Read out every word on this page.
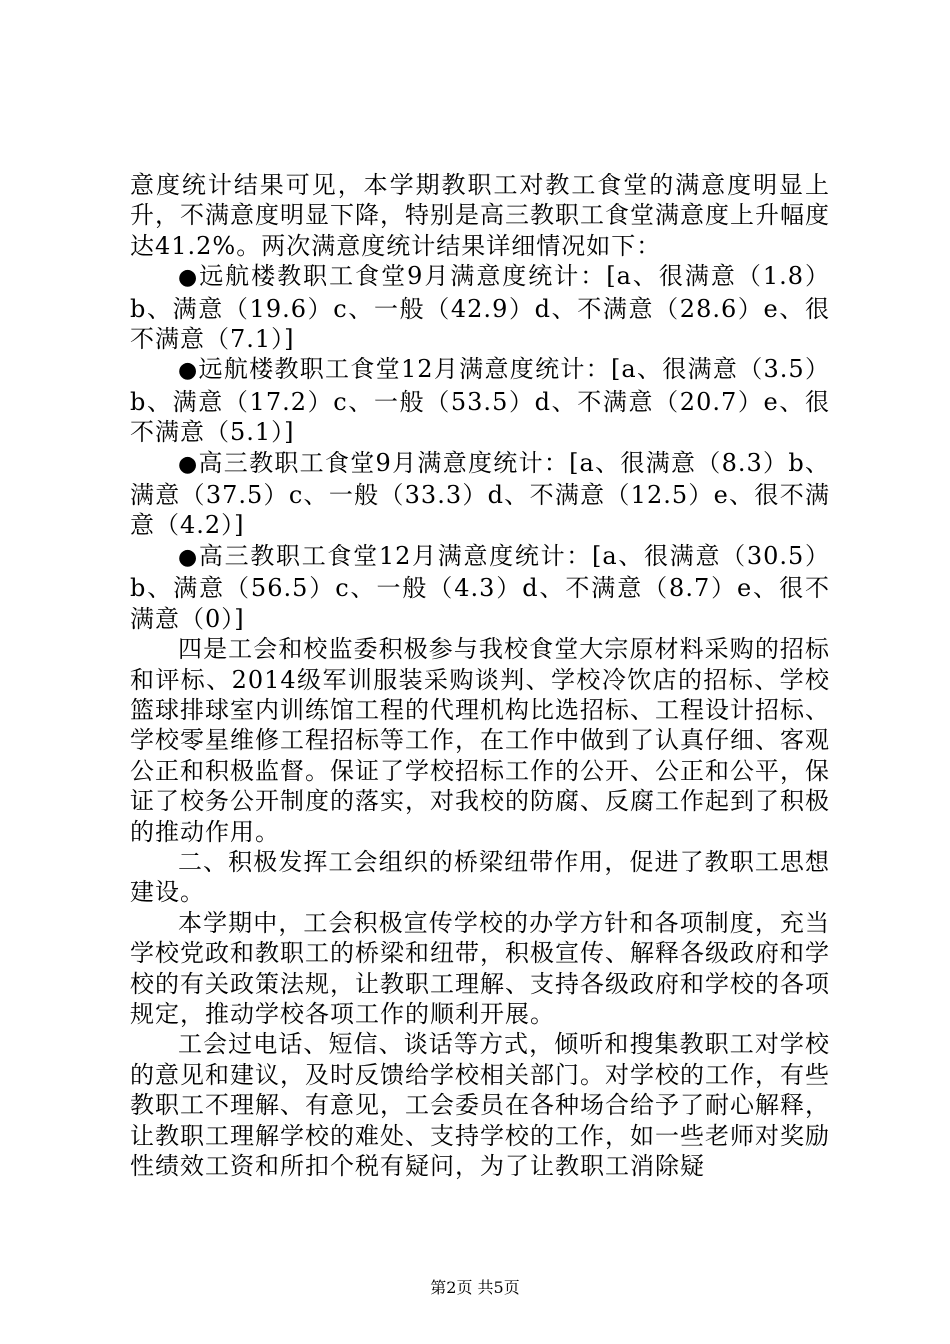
意度统计结果可见，本学期教职工对教工食堂的满意度明显上升，不满意度明显下降，特别是高三教职工食堂满意度上升幅度达41.2%。两次满意度统计结果详细情况如下：

●远航楼教职工食堂9月满意度统计：[a、很满意（1.8）b、满意（19.6）c、一般（42.9）d、不满意（28.6）e、很不满意（7.1）]

●远航楼教职工食堂12月满意度统计：[a、很满意（3.5）b、满意（17.2）c、一般（53.5）d、不满意（20.7）e、很不满意（5.1）]

●高三教职工食堂9月满意度统计：[a、很满意（8.3）b、满意（37.5）c、一般（33.3）d、不满意（12.5）e、很不满意（4.2）]

●高三教职工食堂12月满意度统计：[a、很满意（30.5）b、满意（56.5）c、一般（4.3）d、不满意（8.7）e、很不满意（0）]

四是工会和校监委积极参与我校食堂大宗原材料采购的招标和评标、2014级军训服装采购谈判、学校冷饮店的招标、学校篮球排球室内训练馆工程的代理机构比选招标、工程设计招标、学校零星维修工程招标等工作，在工作中做到了认真仔细、客观公正和积极监督。保证了学校招标工作的公开、公正和公平，保证了校务公开制度的落实，对我校的防腐、反腐工作起到了积极的推动作用。

二、积极发挥工会组织的桥梁纽带作用，促进了教职工思想建设。

本学期中，工会积极宣传学校的办学方针和各项制度，充当学校党政和教职工的桥梁和纽带，积极宣传、解释各级政府和学校的有关政策法规，让教职工理解、支持各级政府和学校的各项规定，推动学校各项工作的顺利开展。

工会过电话、短信、谈话等方式，倾听和搜集教职工对学校的意见和建议，及时反馈给学校相关部门。对学校的工作，有些教职工不理解、有意见，工会委员在各种场合给予了耐心解释，让教职工理解学校的难处、支持学校的工作，如一些老师对奖励性绩效工资和所扣个税有疑问，为了让教职工消除疑

第2页 共5页
